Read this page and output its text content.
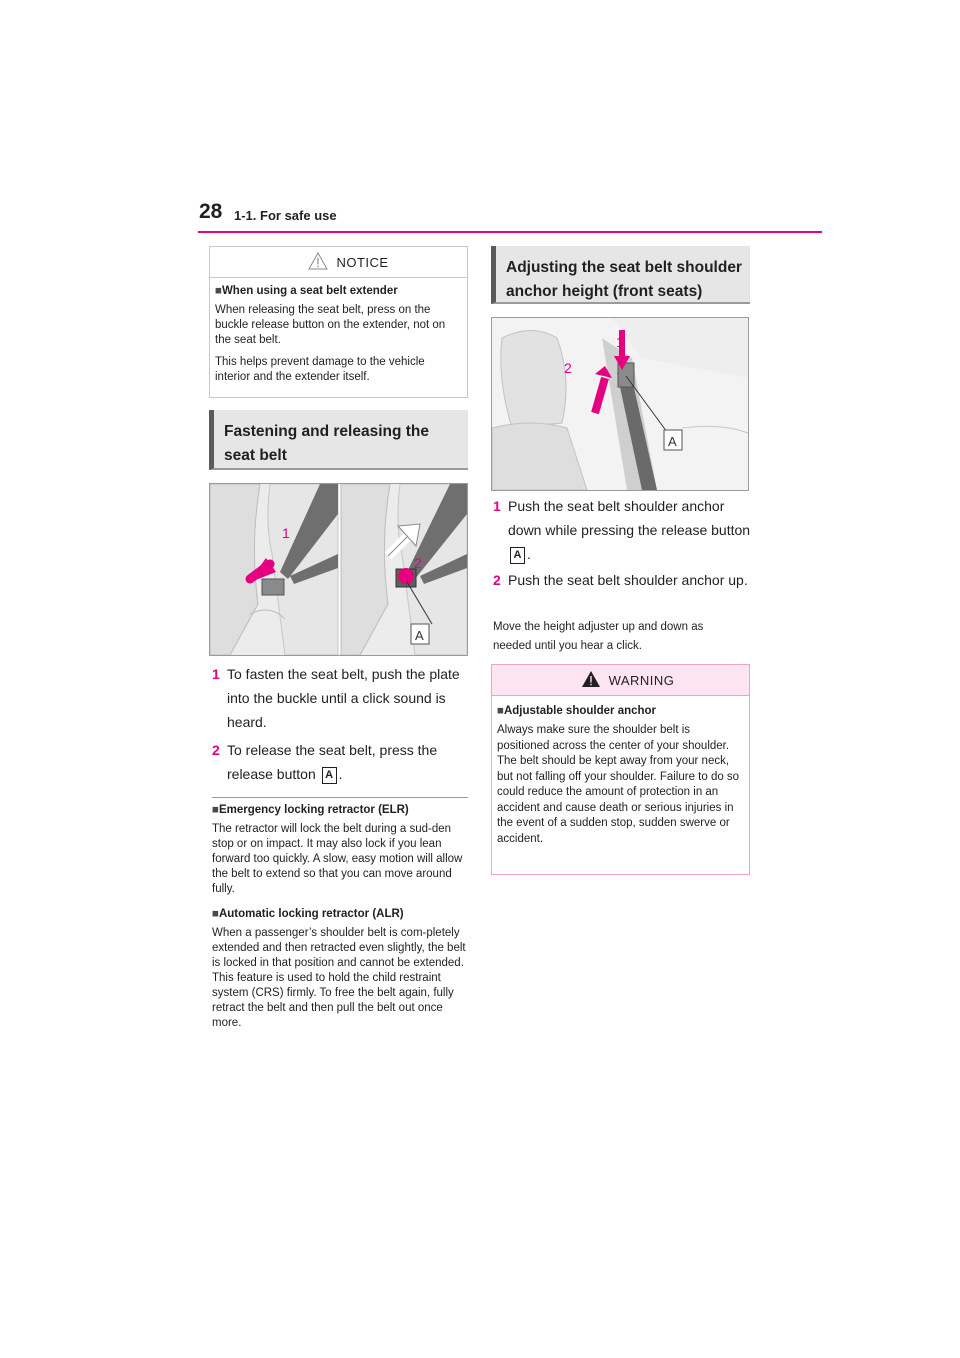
28 1-1. For safe use
NOTICE
■When using a seat belt extender

When releasing the seat belt, press on the buckle release button on the extender, not on the seat belt.

This helps prevent damage to the vehicle interior and the extender itself.

Fastening and releasing the seat belt
1
2
A
1 To fasten the seat belt, push the plate into the buckle until a click sound is heard.
2 To release the seat belt, press the release button A .
■Emergency locking retractor (ELR)

The retractor will lock the belt during a sud-den stop or on impact. It may also lock if you lean forward too quickly. A slow, easy motion will allow the belt to extend so that you can move around fully.

■Automatic locking retractor (ALR)

When a passenger’s shoulder belt is com-pletely extended and then retracted even slightly, the belt is locked in that position and cannot be extended. This feature is used to hold the child restraint system (CRS) firmly. To free the belt again, fully retract the belt and then pull the belt out once more.

Adjusting the seat belt shoulder anchor height (front seats)
1
2
A
1 Push the seat belt shoulder anchor down while pressing the release button A .
2 Push the seat belt shoulder anchor up.
Move the height adjuster up and down as needed until you hear a click.
WARNING
■Adjustable shoulder anchor

Always make sure the shoulder belt is positioned across the center of your shoulder. The belt should be kept away from your neck, but not falling off your shoulder. Failure to do so could reduce the amount of protection in an accident and cause death or serious injuries in the event of a sudden stop, sudden swerve or accident.
